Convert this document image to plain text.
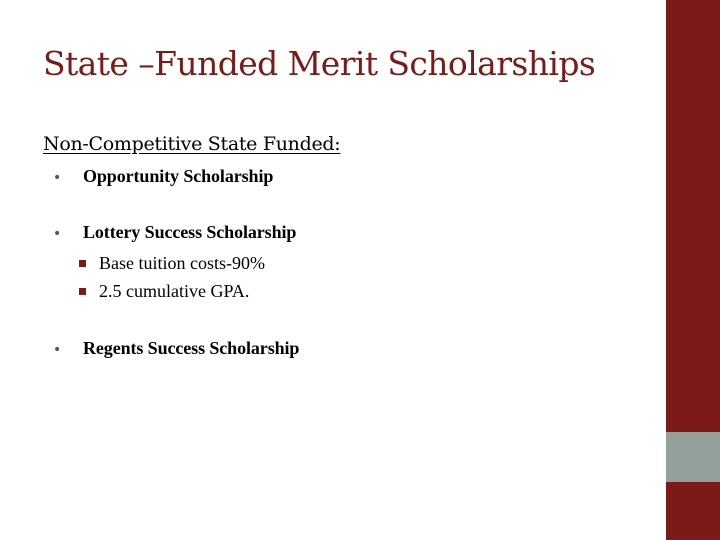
State –Funded Merit Scholarships
Non-Competitive State Funded:
•	Opportunity Scholarship
•	Lottery Success Scholarship
Base tuition costs-90%
2.5 cumulative GPA.
•	Regents Success Scholarship
